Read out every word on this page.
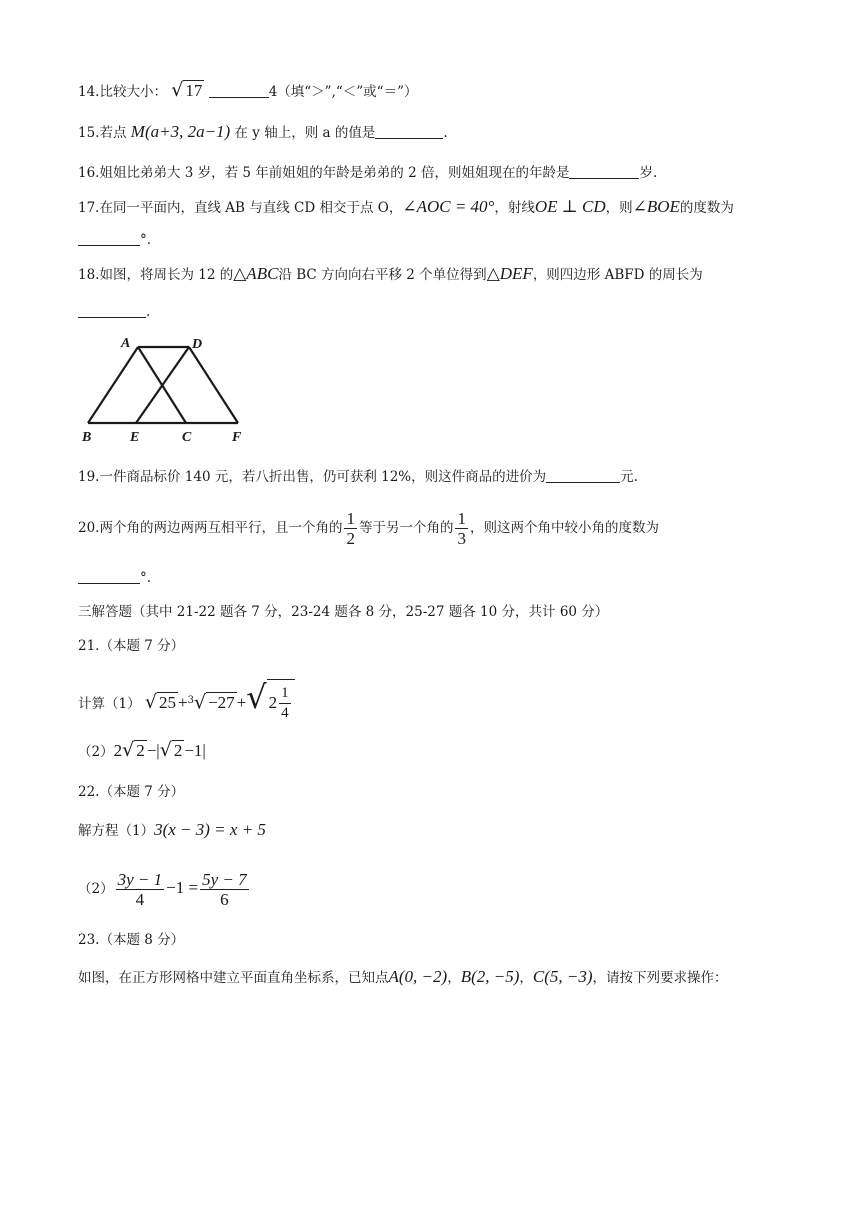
14.比较大小： √ 17	4（填“＞”,“＜”或“＝”）
15.若点 M(a+3, 2a−1) 在 y 轴上，则 a 的值是	.
16.姐姐比弟弟大 3 岁，若 5 年前姐姐的年龄是弟弟的 2 倍，则姐姐现在的年龄是	岁.
17.在同一平面内，直线 AB 与直线 CD 相交于点 O，∠AOC = 40°，射线OE ⊥ CD，则∠BOE的度数为
°.
18.如图，将周长为 12 的△ABC沿 BC 方向向右平移 2 个单位得到△DEF，则四边形 ABFD 的周长为
.
A	D
B	E	C	F
19.一件商品标价 140 元，若八折出售，仍可获利 12%，则这件商品的进价为	元.
20.两个角的两边两两互相平行，且一个角的 $\frac{1}{2}$ 等于另一个角的 $\frac{1}{3}$ ，则这两个角中较小角的度数为
°.
三解答题（其中 21-22 题各 7 分，23-24 题各 8 分，25-27 题各 10 分，共计 60 分）
21.（本题 7 分）
计算（1） √ 25 +$^3$√ −27 +√ $2 \frac{1}{4}$
（2）2√ 2 −|√ 2 −1|
22.（本题 7 分）
解方程（1）3(x − 3) = x + 5
$(2) \frac{3y - 1}{4} -1 = \frac{5y - 7}{6}$
23.（本题 8 分）
如图，在正方形网格中建立平面直角坐标系，已知点A(0, −2)，B(2, −5)，C(5, −3)，请按下列要求操作：
